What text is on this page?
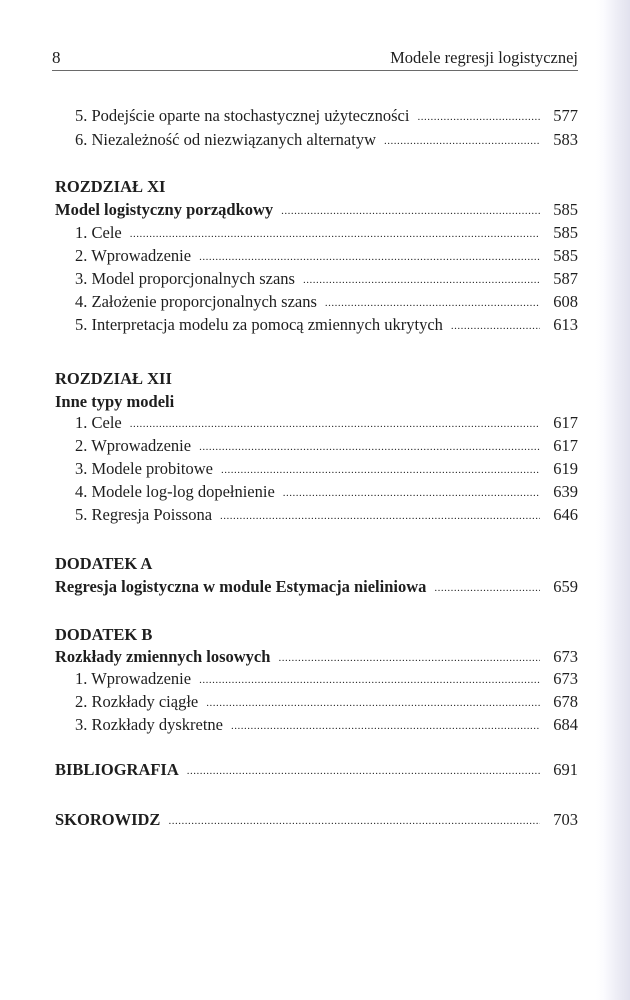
8	Modele regresji logistycznej
5. Podejście oparte na stochastycznej użyteczności .....	577
6. Niezależność od niezwiązanych alternatyw .....	583
ROZDZIAŁ XI
Model logistyczny porządkowy .....	585
1. Cele .....	585
2. Wprowadzenie .....	585
3. Model proporcjonalnych szans .....	587
4. Założenie proporcjonalnych szans .....	608
5. Interpretacja modelu za pomocą zmiennych ukrytych .....	613
ROZDZIAŁ XII
Inne typy modeli
1. Cele .....	617
2. Wprowadzenie .....	617
3. Modele probitowe .....	619
4. Modele log-log dopełnienie .....	639
5. Regresja Poissona .....	646
DODATEK A
Regresja logistyczna w module Estymacja nieliniowa .....	659
DODATEK B
Rozkłady zmiennych losowych .....	673
1. Wprowadzenie .....	673
2. Rozkłady ciągłe .....	678
3. Rozkłady dyskretne .....	684
BIBLIOGRAFIA .....	691
SKOROWIDZ .....	703
